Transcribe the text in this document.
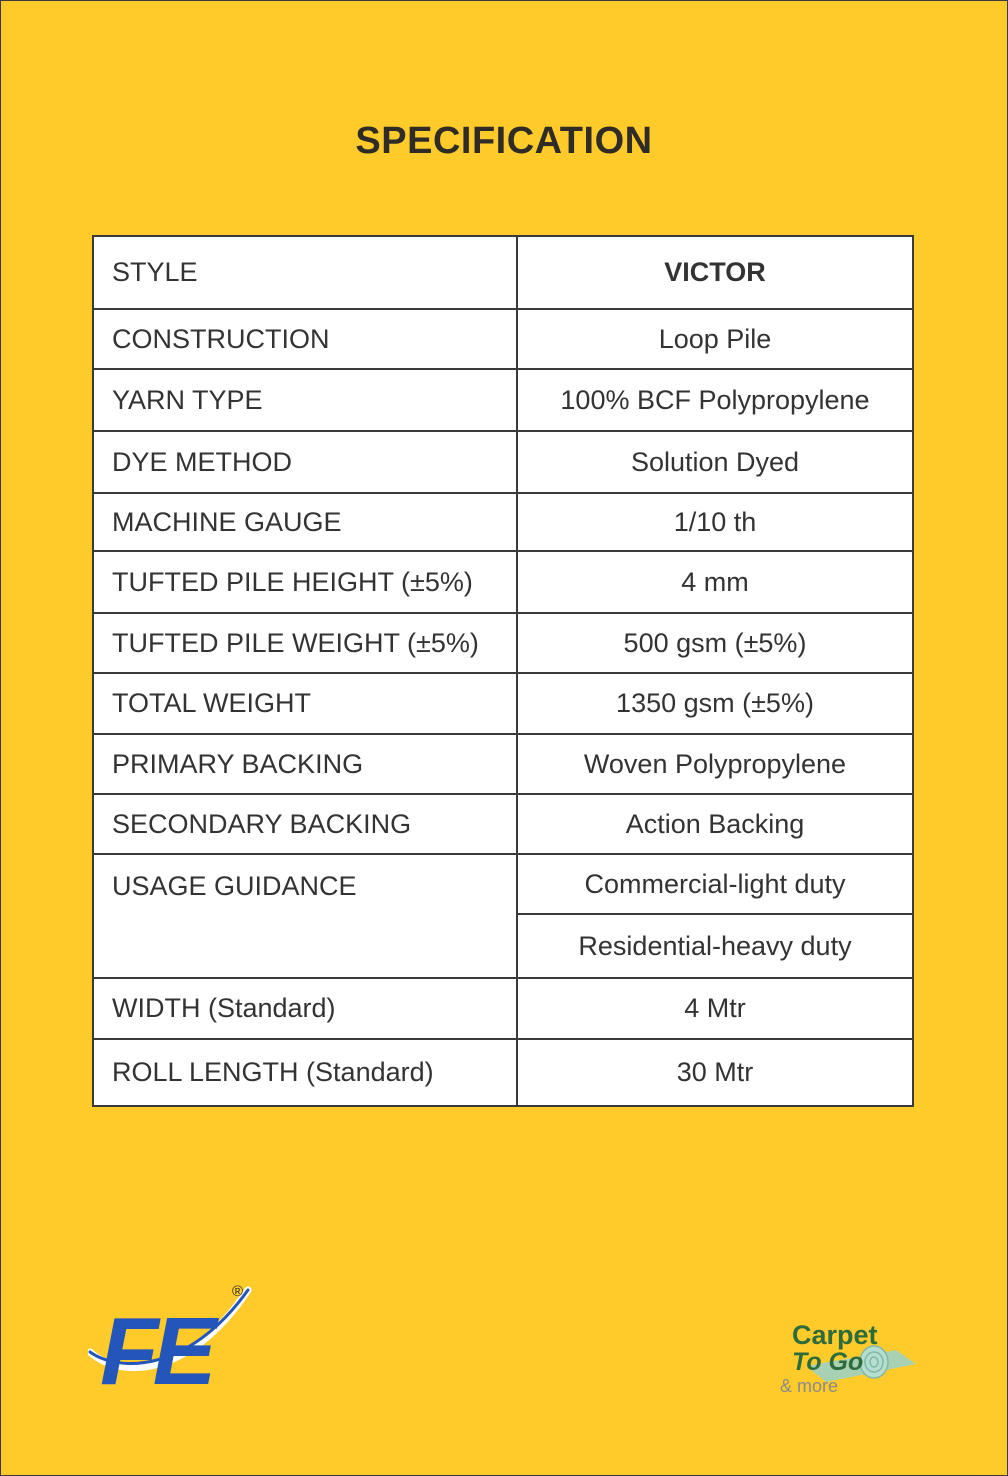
SPECIFICATION
STYLE	VICTOR
CONSTRUCTION	Loop Pile
YARN TYPE	100% BCF Polypropylene
DYE METHOD	Solution Dyed
MACHINE GAUGE	1/10 th
TUFTED PILE HEIGHT (±5%)	4 mm
TUFTED PILE WEIGHT (±5%)	500 gsm (±5%)
TOTAL WEIGHT	1350 gsm (±5%)
PRIMARY BACKING	Woven Polypropylene
SECONDARY BACKING	Action Backing
USAGE GUIDANCE	Commercial-light duty
	Residential-heavy duty
WIDTH (Standard)	4 Mtr
ROLL LENGTH (Standard)	30 Mtr
FE
®
Carpet
To Go
& more
